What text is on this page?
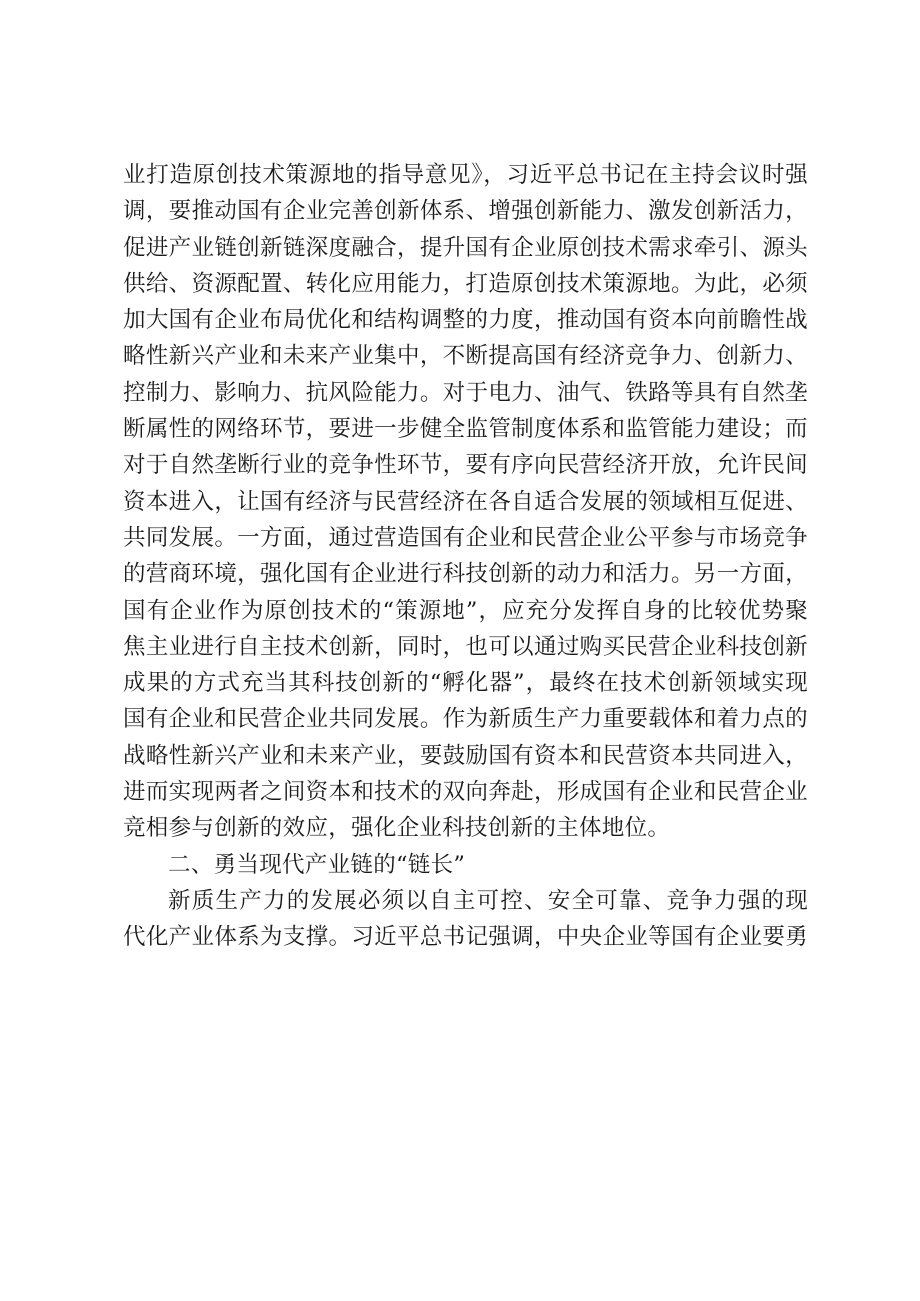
业打造原创技术策源地的指导意见》，习近平总书记在主持会议时强
调，要推动国有企业完善创新体系、增强创新能力、激发创新活力，
促进产业链创新链深度融合，提升国有企业原创技术需求牵引、源头
供给、资源配置、转化应用能力，打造原创技术策源地。为此，必须
加大国有企业布局优化和结构调整的力度，推动国有资本向前瞻性战
略性新兴产业和未来产业集中，不断提高国有经济竞争力、创新力、
控制力、影响力、抗风险能力。对于电力、油气、铁路等具有自然垄
断属性的网络环节，要进一步健全监管制度体系和监管能力建设；而
对于自然垄断行业的竞争性环节，要有序向民营经济开放，允许民间
资本进入，让国有经济与民营经济在各自适合发展的领域相互促进、
共同发展。一方面，通过营造国有企业和民营企业公平参与市场竞争
的营商环境，强化国有企业进行科技创新的动力和活力。另一方面，
国有企业作为原创技术的“策源地”，应充分发挥自身的比较优势聚
焦主业进行自主技术创新，同时，也可以通过购买民营企业科技创新
成果的方式充当其科技创新的“孵化器”，最终在技术创新领域实现
国有企业和民营企业共同发展。作为新质生产力重要载体和着力点的
战略性新兴产业和未来产业，要鼓励国有资本和民营资本共同进入，
进而实现两者之间资本和技术的双向奔赴，形成国有企业和民营企业
竞相参与创新的效应，强化企业科技创新的主体地位。
二、勇当现代产业链的“链长”
新质生产力的发展必须以自主可控、安全可靠、竞争力强的现
代化产业体系为支撑。习近平总书记强调，中央企业等国有企业要勇
